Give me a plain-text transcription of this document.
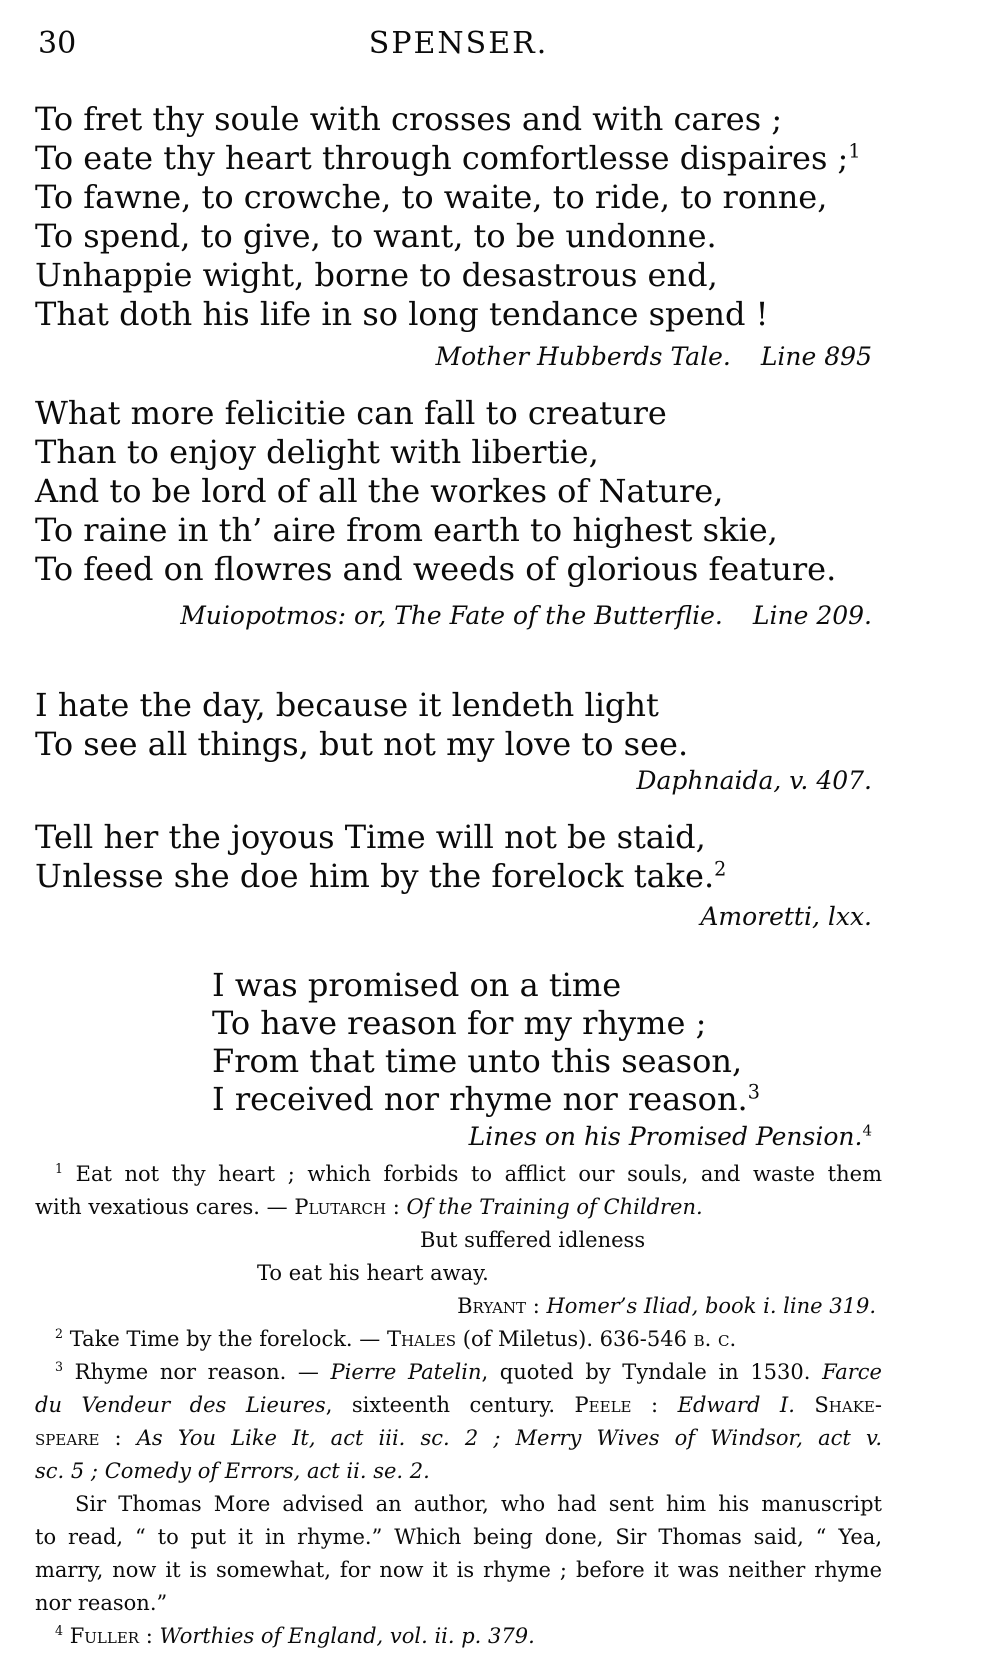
30	SPENSER.
To fret thy soule with crosses and with cares ;
To eate thy heart through comfortlesse dispaires ;$^1$
To fawne, to crowche, to waite, to ride, to ronne,
To spend, to give, to want, to be undonne.
Unhappie wight, borne to desastrous end,
That doth his life in so long tendance spend !
Mother Hubberds Tale. Line 895
What more felicitie can fall to creature
Than to enjoy delight with libertie,
And to be lord of all the workes of Nature,
To raine in th’ aire from earth to highest skie,
To feed on flowres and weeds of glorious feature.
Muiopotmos: or, The Fate of the Butterflie. Line 209.
I hate the day, because it lendeth light
To see all things, but not my love to see.
Daphnaida, v. 407.
Tell her the joyous Time will not be staid,
Unlesse she doe him by the forelock take.$^2$
Amoretti, lxx.
I was promised on a time
To have reason for my rhyme ;
From that time unto this season,
I received nor rhyme nor reason.$^3$
Lines on his Promised Pension.$^4$
$^1$ Eat not thy heart ; which forbids to afflict our souls, and waste them
with vexatious cares. — Plutarch : Of the Training of Children.
But suffered idleness
To eat his heart away.
Bryant : Homer’s Iliad, book i. line 319.
$^2$ Take Time by the forelock. — Thales (of Miletus). 636-546 b. c.
$^3$ Rhyme nor reason. — Pierre Patelin, quoted by Tyndale in 1530. Farce
du Vendeur des Lieures, sixteenth century. Peele : Edward I. Shake-
speare : As You Like It, act iii. sc. 2 ; Merry Wives of Windsor, act v.
sc. 5 ; Comedy of Errors, act ii. se. 2.
Sir Thomas More advised an author, who had sent him his manuscript
to read, “ to put it in rhyme.” Which being done, Sir Thomas said, “ Yea,
marry, now it is somewhat, for now it is rhyme ; before it was neither rhyme
nor reason.”
$^4$ Fuller : Worthies of England, vol. ii. p. 379.
